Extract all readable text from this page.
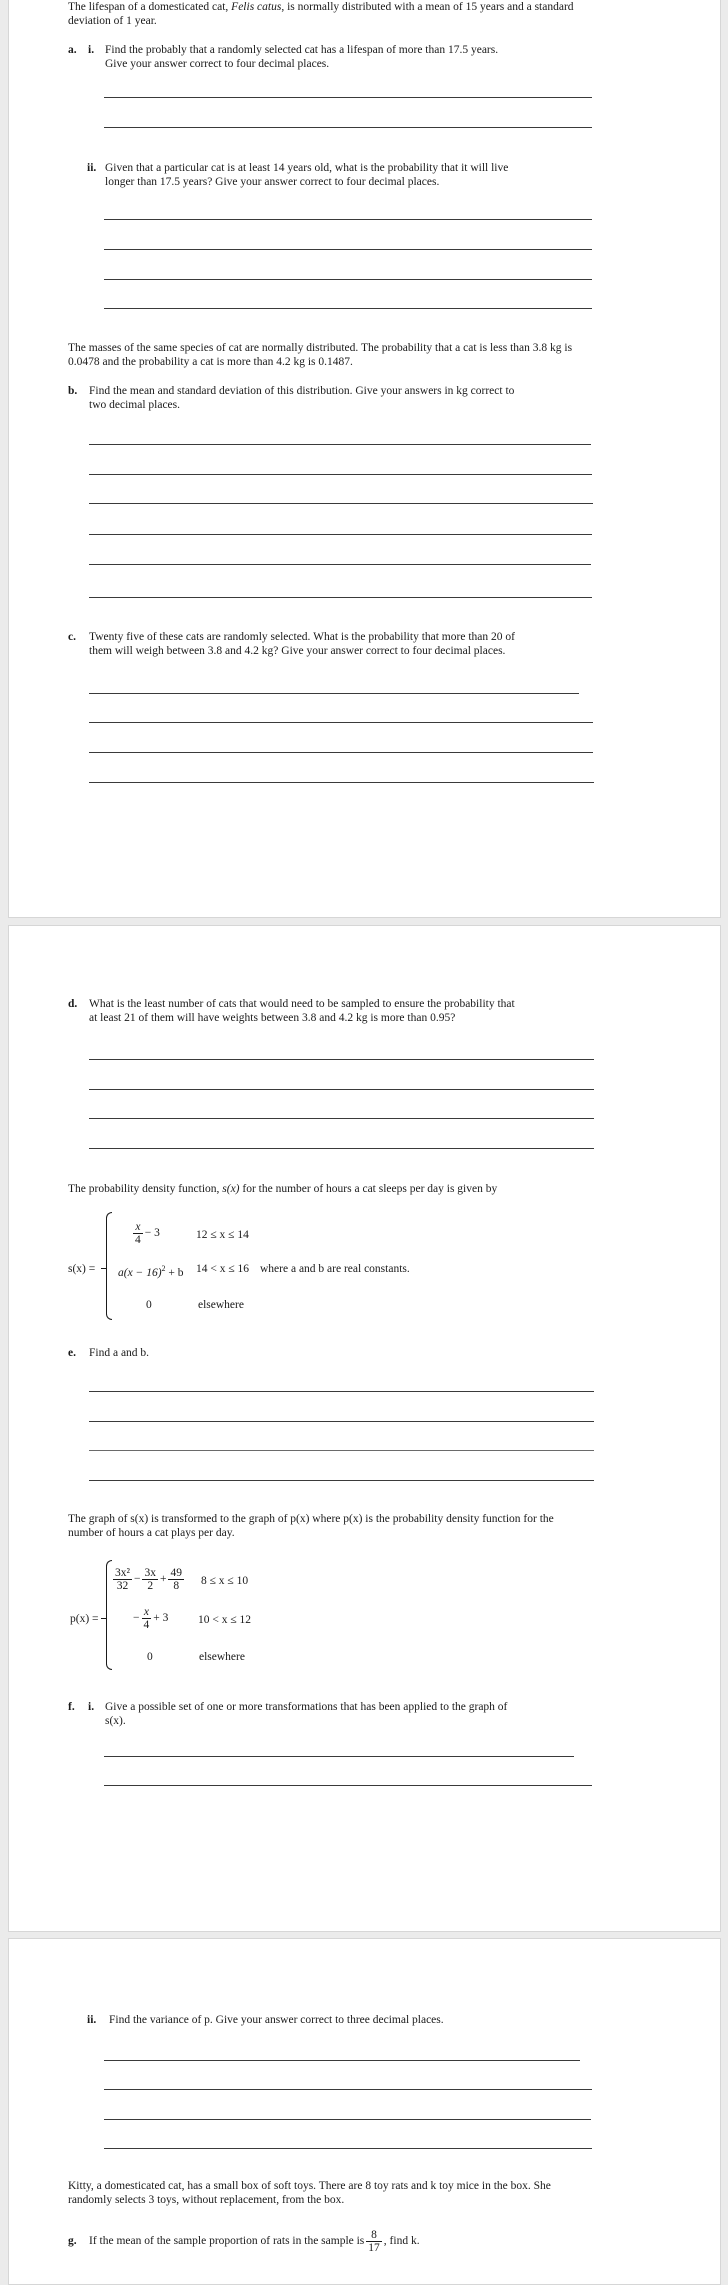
The lifespan of a domesticated cat, Felis catus, is normally distributed with a mean of 15 years and a standard
deviation of 1 year.
a. i. Find the probably that a randomly selected cat has a lifespan of more than 17.5 years.
Give your answer correct to four decimal places.
ii. Given that a particular cat is at least 14 years old, what is the probability that it will live
longer than 17.5 years? Give your answer correct to four decimal places.
The masses of the same species of cat are normally distributed. The probability that a cat is less than 3.8 kg is
0.0478 and the probability a cat is more than 4.2 kg is 0.1487.
b. Find the mean and standard deviation of this distribution. Give your answers in kg correct to
two decimal places.
c. Twenty five of these cats are randomly selected. What is the probability that more than 20 of
them will weigh between 3.8 and 4.2 kg? Give your answer correct to four decimal places.
d. What is the least number of cats that would need to be sampled to ensure the probability that
at least 21 of them will have weights between 3.8 and 4.2 kg is more than 0.95?
The probability density function, s(x) for the number of hours a cat sleeps per day is given by
s(x) =
$\frac{x}{4} - 3$	12 ≤ x ≤ 14
$a(x - 16)^2 + b$ 14 < x ≤ 16 where a and b are real constants.
0	elsewhere
e. Find a and b.
The graph of s(x) is transformed to the graph of p(x) where p(x) is the probability density function for the
number of hours a cat plays per day.
p(x) =
$\frac{\text{3x²}}{32} - \frac{3x}{2} + \frac{49}{8} 8 \le x \le 10$
− $\frac{x}{4} + 3$	10 < x ≤ 12
0	elsewhere
f. i. Give a possible set of one or more transformations that has been applied to the graph of
s(x).
ii. Find the variance of p. Give your answer correct to three decimal places.
Kitty, a domesticated cat, has a small box of soft toys. There are 8 toy rats and k toy mice in the box. She
randomly selects 3 toys, without replacement, from the box.
g. If the mean of the sample proportion of rats in the sample is $\frac{8}{17}$ , find k.
